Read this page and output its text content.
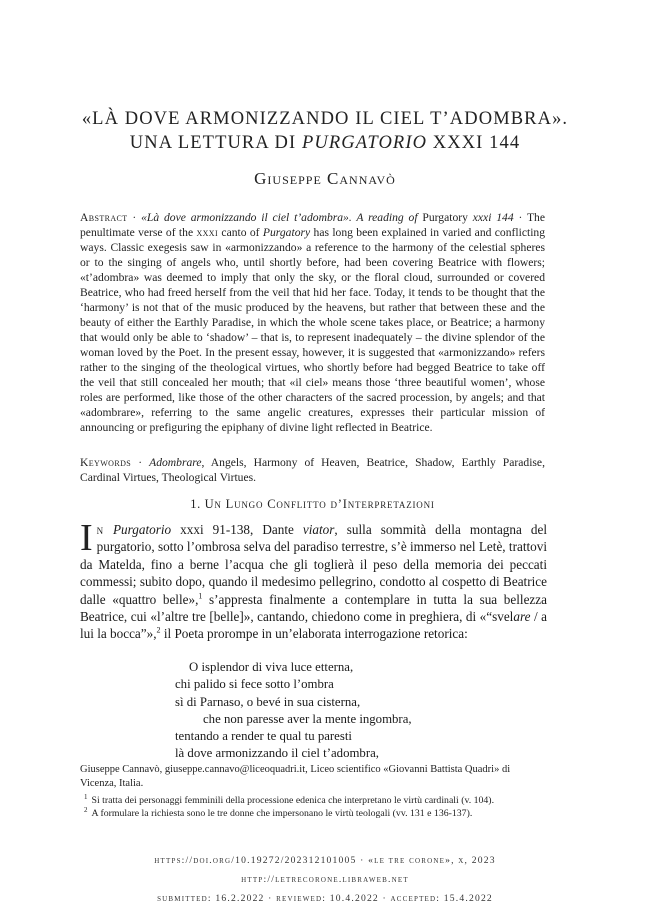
«LÀ DOVE ARMONIZZANDO IL CIEL T’ADOMBRA».
UNA LETTURA DI PURGATORIO XXXI 144
Giuseppe Cannavò
Abstract · «Là dove armonizzando il ciel t’adombra». A reading of Purgatory xxxi 144 · The penultimate verse of the xxxi canto of Purgatory has long been explained in varied and conflicting ways. Classic exegesis saw in «armonizzando» a reference to the harmony of the celestial spheres or to the singing of angels who, until shortly before, had been covering Beatrice with flowers; «t’adombra» was deemed to imply that only the sky, or the floral cloud, surrounded or covered Beatrice, who had freed herself from the veil that hid her face. Today, it tends to be thought that the ‘harmony’ is not that of the music produced by the heavens, but rather that between these and the beauty of either the Earthly Paradise, in which the whole scene takes place, or Beatrice; a harmony that would only be able to ‘shadow’ – that is, to represent inadequately – the divine splendor of the woman loved by the Poet. In the present essay, however, it is suggested that «armonizzando» refers rather to the singing of the theological virtues, who shortly before had begged Beatrice to take off the veil that still concealed her mouth; that «il ciel» means those ‘three beautiful women’, whose roles are performed, like those of the other characters of the sacred procession, by angels; and that «adombrare», referring to the same angelic creatures, expresses their particular mission of announcing or prefiguring the epiphany of divine light reflected in Beatrice.
Keywords · Adombrare, Angels, Harmony of Heaven, Beatrice, Shadow, Earthly Paradise, Cardinal Virtues, Theological Virtues.
1. Un Lungo Conflitto d’Interpretazioni
In Purgatorio xxxi 91-138, Dante viator, sulla sommità della montagna del purgatorio, sotto l’ombrosa selva del paradiso terrestre, s’è immerso nel Letè, trattovi da Matelda, fino a berne l’acqua che gli toglierà il peso della memoria dei peccati commessi; subito dopo, quando il medesimo pellegrino, condotto al cospetto di Beatrice dalle «quattro belle»,$^1$ s’appresta finalmente a contemplare in tutta la sua bellezza Beatrice, cui «l’altre tre [belle]», cantando, chiedono come in preghiera, di «“svelare / a lui la bocca”»,$^2$ il Poeta prorompe in un’elaborata interrogazione retorica:
O isplendor di viva luce etterna,
chi palido si fece sotto l’ombra
sì di Parnaso, o bevé in sua cisterna,
che non paresse aver la mente ingombra,
tentando a render te qual tu paresti
là dove armonizzando il ciel t’adombra,
Giuseppe Cannavò, giuseppe.cannavo@liceoquadri.it, Liceo scientifico «Giovanni Battista Quadri» di Vicenza, Italia.
$^1$ Si tratta dei personaggi femminili della processione edenica che interpretano le virtù cardinali (v. 104).
$^2$ A formulare la richiesta sono le tre donne che impersonano le virtù teologali (vv. 131 e 136-137).
https://doi.org/10.19272/202312101005 · «le tre corone», x, 2023
http://letrecorone.libraweb.net
submitted: 16.2.2022 · reviewed: 10.4.2022 · accepted: 15.4.2022
